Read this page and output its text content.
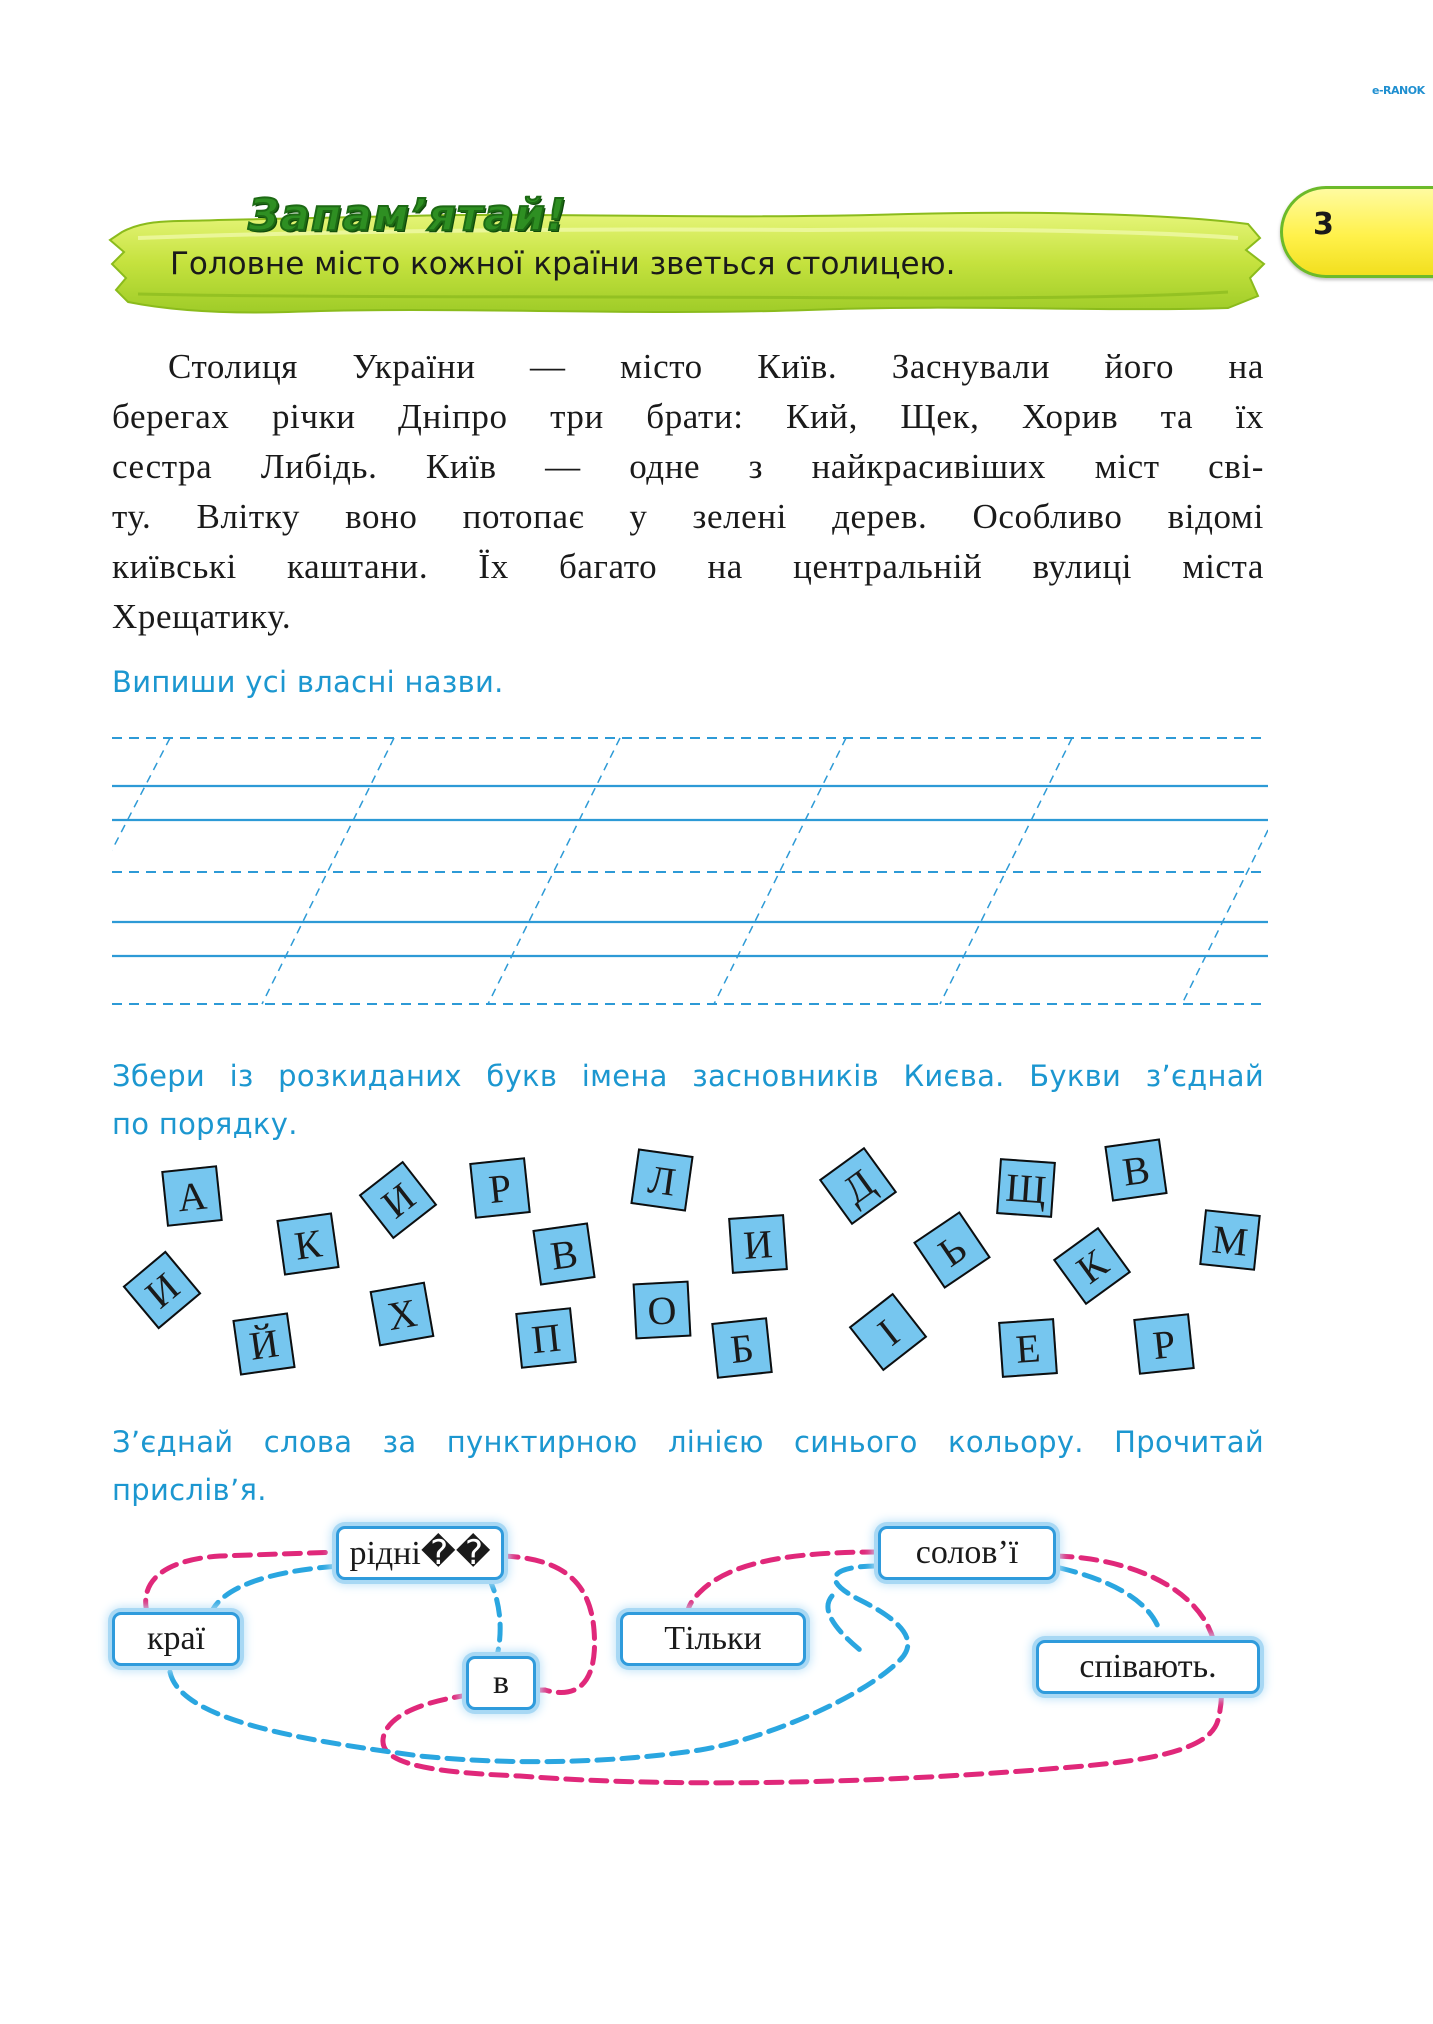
e-RANOK
3
Запам’ятай!
Головне місто кожної країни зветься столицею.

Столиця України — місто Київ. Заснували його на

берегах річки Дніпро три брати: Кий, Щек, Хорив та їх

сестра Либідь. Київ — одне з найкрасивіших міст сві-

ту. Влітку воно потопає у зелені дерев. Особливо відомі

київські каштани. Їх багато на центральній вулиці міста

Хрещатику.

Випиши усі власні назви.
Збери із розкиданих букв імена засновників Києва. Букви з’єднай
по порядку.
А
И
К
И	Р
Й
Х
В
Л
П
О
И
Б
Д
І
Ь
Щ	В
К
Е
М
Р
З’єднай слова за пунктирною лінією синього кольору. Прочитай
прислів’я.
рідні��
краї
в
Тільки
солов’ї
співають.
